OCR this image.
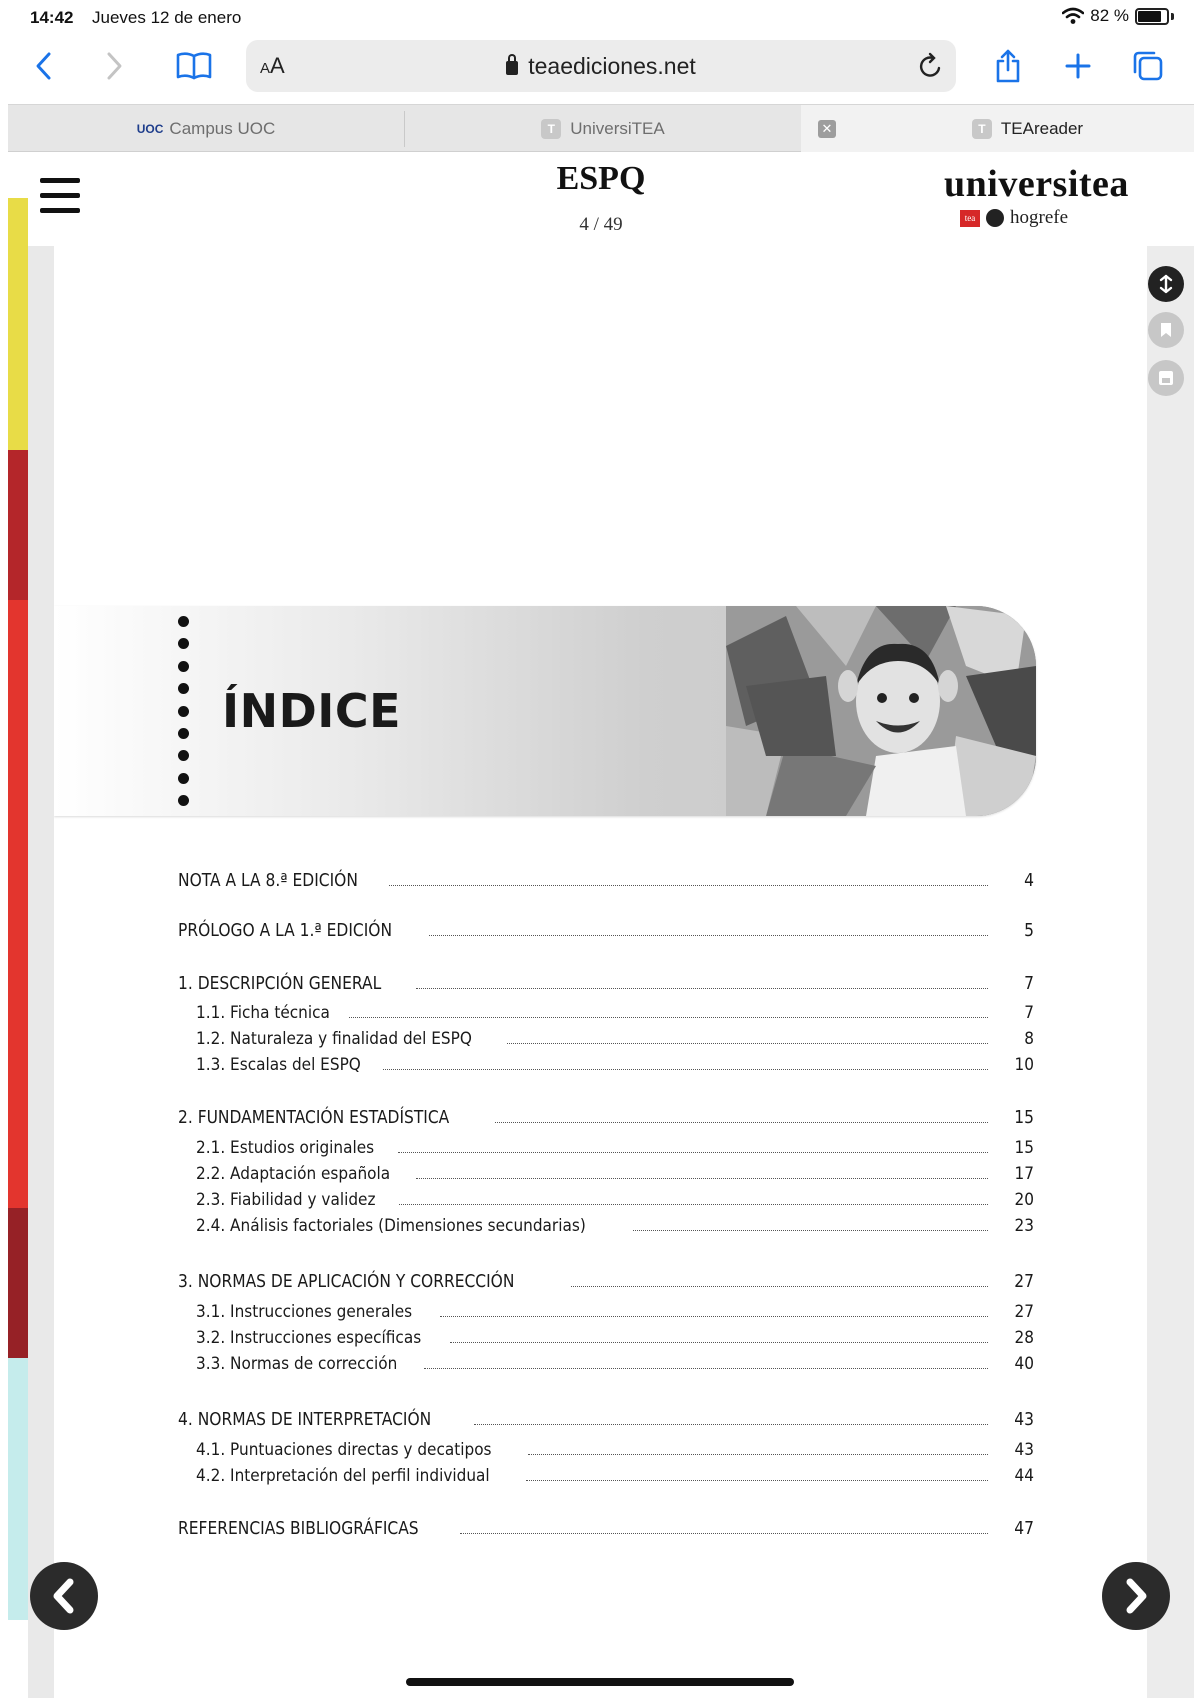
14:42 Jueves 12 de enero	82 %
AA	teaediciones.net
UOC Campus UOC	T UniversiTEA	T TEAreader
✕
ESPQ
4 / 49
universitea
tea hogrefe
ÍNDICE
NOTA A LA 8.ª EDICIÓN	4
PRÓLOGO A LA 1.ª EDICIÓN	5
1. DESCRIPCIÓN GENERAL	7
1.1. Ficha técnica	7
1.2. Naturaleza y finalidad del ESPQ	8
1.3. Escalas del ESPQ	10
2. FUNDAMENTACIÓN ESTADÍSTICA	15
2.1. Estudios originales	15
2.2. Adaptación española	17
2.3. Fiabilidad y validez	20
2.4. Análisis factoriales (Dimensiones secundarias)	23
3. NORMAS DE APLICACIÓN Y CORRECCIÓN	27
3.1. Instrucciones generales	27
3.2. Instrucciones específicas	28
3.3. Normas de corrección	40
4. NORMAS DE INTERPRETACIÓN	43
4.1. Puntuaciones directas y decatipos	43
4.2. Interpretación del perfil individual	44
REFERENCIAS BIBLIOGRÁFICAS	47
